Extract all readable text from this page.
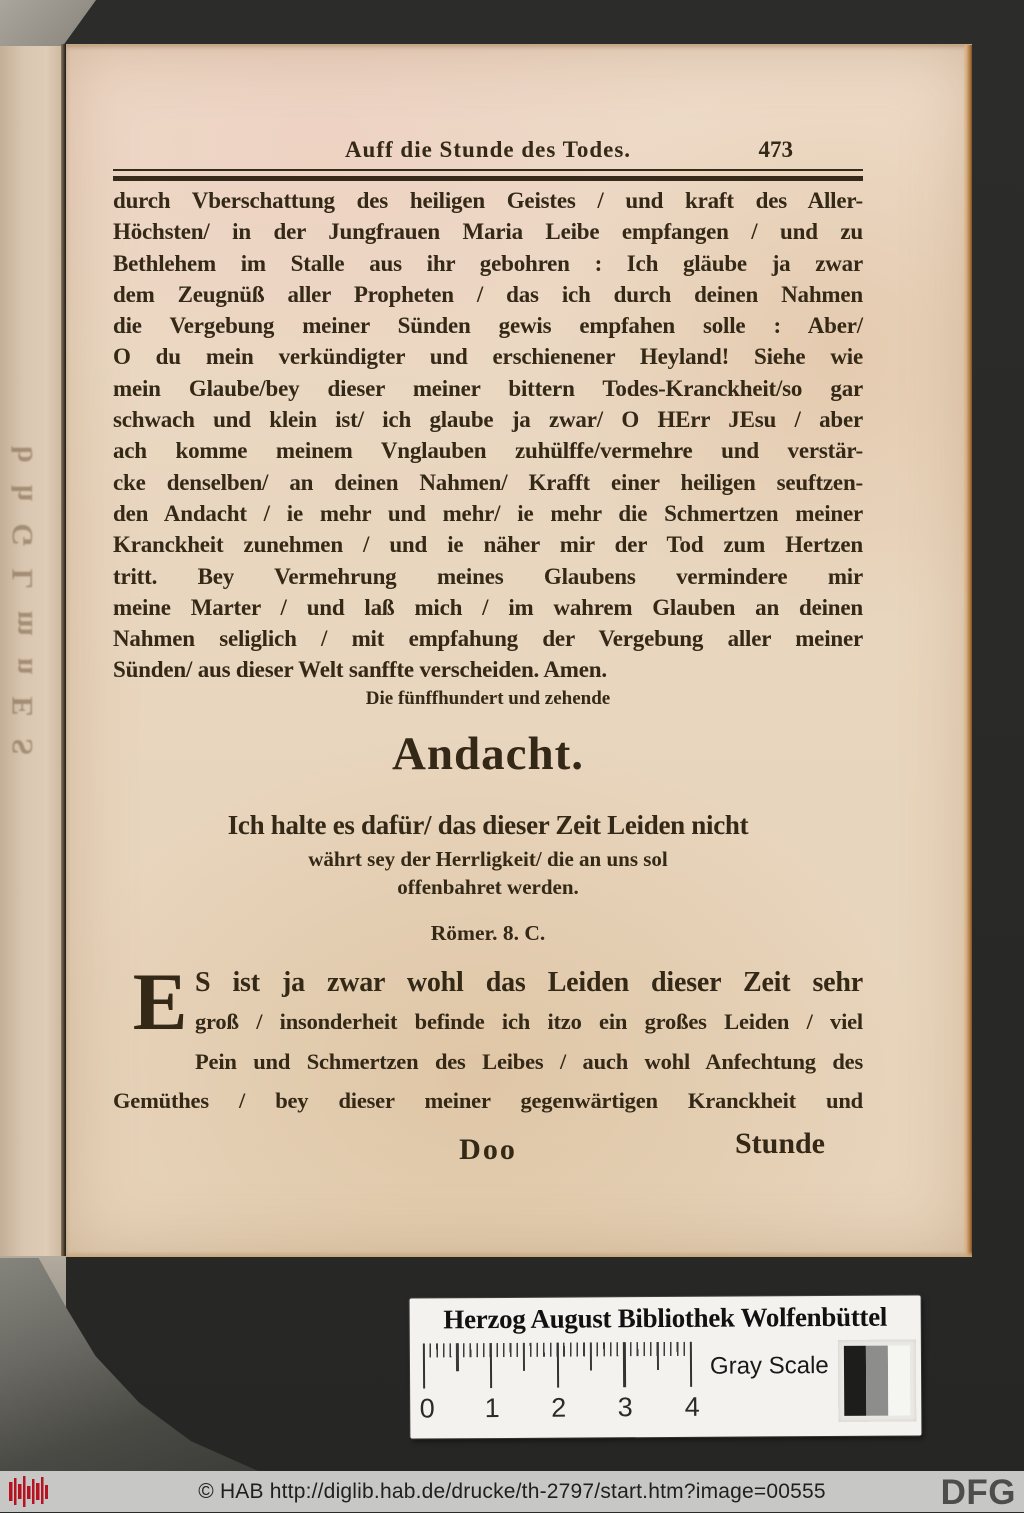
bhGLmnES
Auff die Stunde des Todes.	473
durch Vberschattung des heiligen Geistes / und kraft des Aller-
Höchsten/ in der Jungfrauen Maria Leibe empfangen / und zu
Bethlehem im Stalle aus ihr gebohren : Ich gläube ja zwar
dem Zeugnüß aller Propheten / das ich durch deinen Nahmen
die Vergebung meiner Sünden gewis empfahen solle : Aber/
O du mein verkündigter und erschienener Heyland! Siehe wie
mein Glaube/bey dieser meiner bittern Todes-Kranckheit/so gar
schwach und klein ist/ ich glaube ja zwar/ O HErr JEsu / aber
ach komme meinem Vnglauben zuhülffe/vermehre und verstär-
cke denselben/ an deinen Nahmen/ Krafft einer heiligen seuftzen-
den Andacht / ie mehr und mehr/ ie mehr die Schmertzen meiner
Kranckheit zunehmen / und ie näher mir der Tod zum Hertzen
tritt. Bey Vermehrung meines Glaubens vermindere mir
meine Marter / und laß mich / im wahrem Glauben an deinen
Nahmen seliglich / mit empfahung der Vergebung aller meiner
Sünden/ aus dieser Welt sanffte verscheiden. Amen.
Die fünffhundert und zehende
Andacht.
Ich halte es dafür/ das dieser Zeit Leiden nicht
währt sey der Herrligkeit/ die an uns sol
offenbahret werden.
Römer. 8. C.
E S ist ja zwar wohl das Leiden dieser Zeit sehr
groß / insonderheit befinde ich itzo ein großes Leiden / viel
Pein und Schmertzen des Leibes / auch wohl Anfechtung des
Gemüthes / bey dieser meiner gegenwärtigen Kranckheit und
Doo	Stunde
Herzog August Bibliothek Wolfenbüttel
0 1 2 3 4
Gray Scale
© HAB http://diglib.hab.de/drucke/th-2797/start.htm?image=00555	DFG
